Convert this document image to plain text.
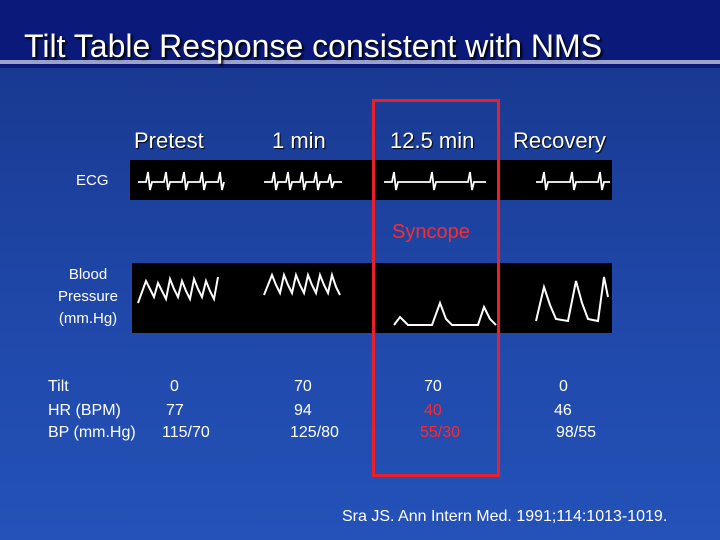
Tilt Table Response consistent with NMS
Pretest	1 min	12.5 min Recovery
ECG
Syncope
Blood
Pressure
(mm.Hg)
Tilt
HR (BPM)
BP (mm.Hg)
0
77
115/70
70
94
125/80
70
40
55/30
0
46
98/55
Sra JS. Ann Intern Med. 1991;114:1013-1019.
